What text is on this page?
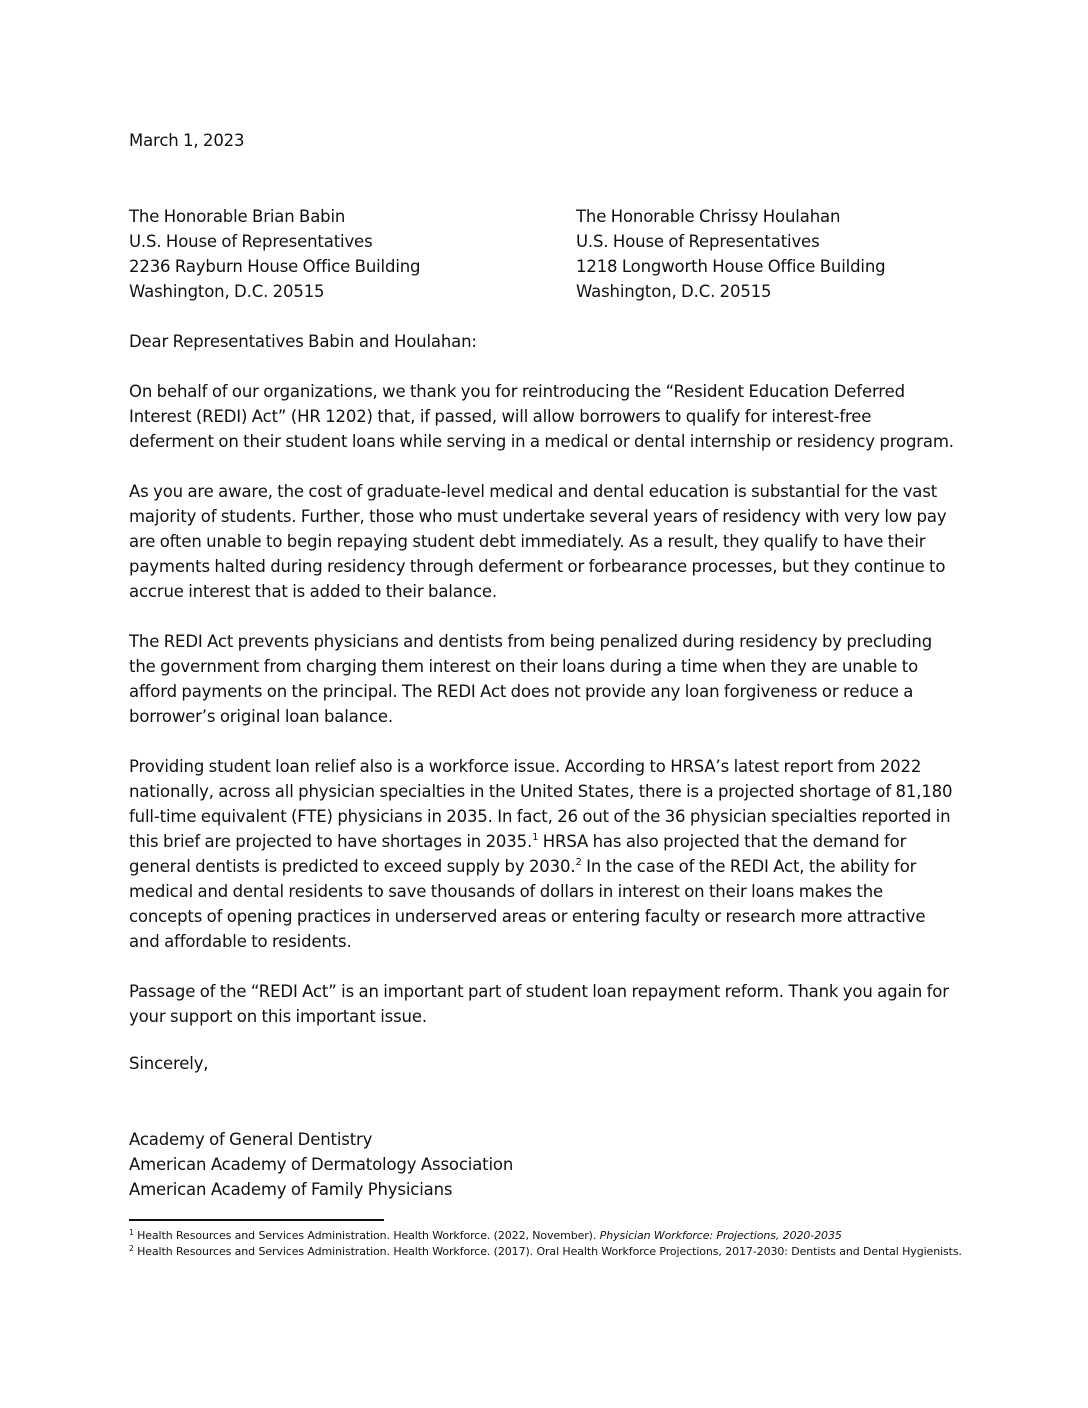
March 1, 2023
The Honorable Brian Babin
U.S. House of Representatives
2236 Rayburn House Office Building
Washington, D.C. 20515
The Honorable Chrissy Houlahan
U.S. House of Representatives
1218 Longworth House Office Building
Washington, D.C. 20515
Dear Representatives Babin and Houlahan:

On behalf of our organizations, we thank you for reintroducing the “Resident Education Deferred Interest (REDI) Act” (HR 1202) that, if passed, will allow borrowers to qualify for interest-free deferment on their student loans while serving in a medical or dental internship or residency program.

As you are aware, the cost of graduate-level medical and dental education is substantial for the vast majority of students. Further, those who must undertake several years of residency with very low pay are often unable to begin repaying student debt immediately. As a result, they qualify to have their payments halted during residency through deferment or forbearance processes, but they continue to accrue interest that is added to their balance.

The REDI Act prevents physicians and dentists from being penalized during residency by precluding the government from charging them interest on their loans during a time when they are unable to afford payments on the principal. The REDI Act does not provide any loan forgiveness or reduce a borrower’s original loan balance.

Providing student loan relief also is a workforce issue. According to HRSA’s latest report from 2022 nationally, across all physician specialties in the United States, there is a projected shortage of 81,180 full-time equivalent (FTE) physicians in 2035. In fact, 26 out of the 36 physician specialties reported in this brief are projected to have shortages in 2035.$^1$ HRSA has also projected that the demand for general dentists is predicted to exceed supply by 2030.$^2$ In the case of the REDI Act, the ability for medical and dental residents to save thousands of dollars in interest on their loans makes the concepts of opening practices in underserved areas or entering faculty or research more attractive and affordable to residents.

Passage of the “REDI Act” is an important part of student loan repayment reform. Thank you again for your support on this important issue.

Sincerely,
Academy of General Dentistry
American Academy of Dermatology Association
American Academy of Family Physicians

$^1$ Health Resources and Services Administration. Health Workforce. (2022, November). Physician Workforce: Projections, 2020-2035

$^2$ Health Resources and Services Administration. Health Workforce. (2017). Oral Health Workforce Projections, 2017-2030: Dentists and Dental Hygienists.
